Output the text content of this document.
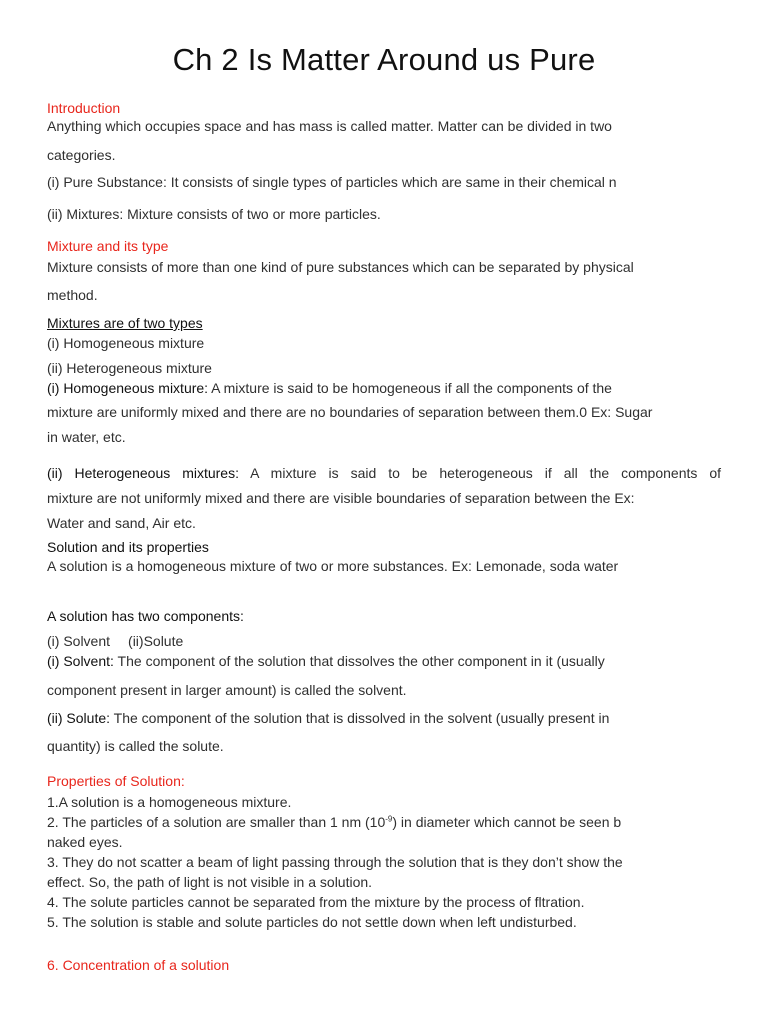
Ch 2 Is Matter Around us Pure
Introduction
Anything which occupies space and has mass is called matter. Matter can be divided in two
categories.
(i) Pure Substance: It consists of single types of particles which are same in their chemical n
(ii) Mixtures: Mixture consists of two or more particles.
Mixture and its type
Mixture consists of more than one kind of pure substances which can be separated by physical
method.
Mixtures are of two types
(i) Homogeneous mixture
(ii) Heterogeneous mixture
(i) Homogeneous mixture: A mixture is said to be homogeneous if all the components of the
mixture are uniformly mixed and there are no boundaries of separation between them.0 Ex: Sugar
in water, etc.
(ii) Heterogeneous mixtures: A mixture is said to be heterogeneous if all the components of
mixture are not uniformly mixed and there are visible boundaries of separation between the Ex:
Water and sand, Air etc.
Solution and its properties
A solution is a homogeneous mixture of two or more substances. Ex: Lemonade, soda water
A solution has two components:
(i) Solvent (ii)Solute
(i) Solvent: The component of the solution that dissolves the other component in it (usually
component present in larger amount) is called the solvent.
(ii) Solute: The component of the solution that is dissolved in the solvent (usually present in
quantity) is called the solute.
Properties of Solution:
1.A solution is a homogeneous mixture.
2. The particles of a solution are smaller than 1 nm $(10^{-9})$ in diameter which cannot be seen b
naked eyes.
3. They do not scatter a beam of light passing through the solution that is they don’t show the
effect. So, the path of light is not visible in a solution.
4. The solute particles cannot be separated from the mixture by the process of fltration.
5. The solution is stable and solute particles do not settle down when left undisturbed.
6. Concentration of a solution
